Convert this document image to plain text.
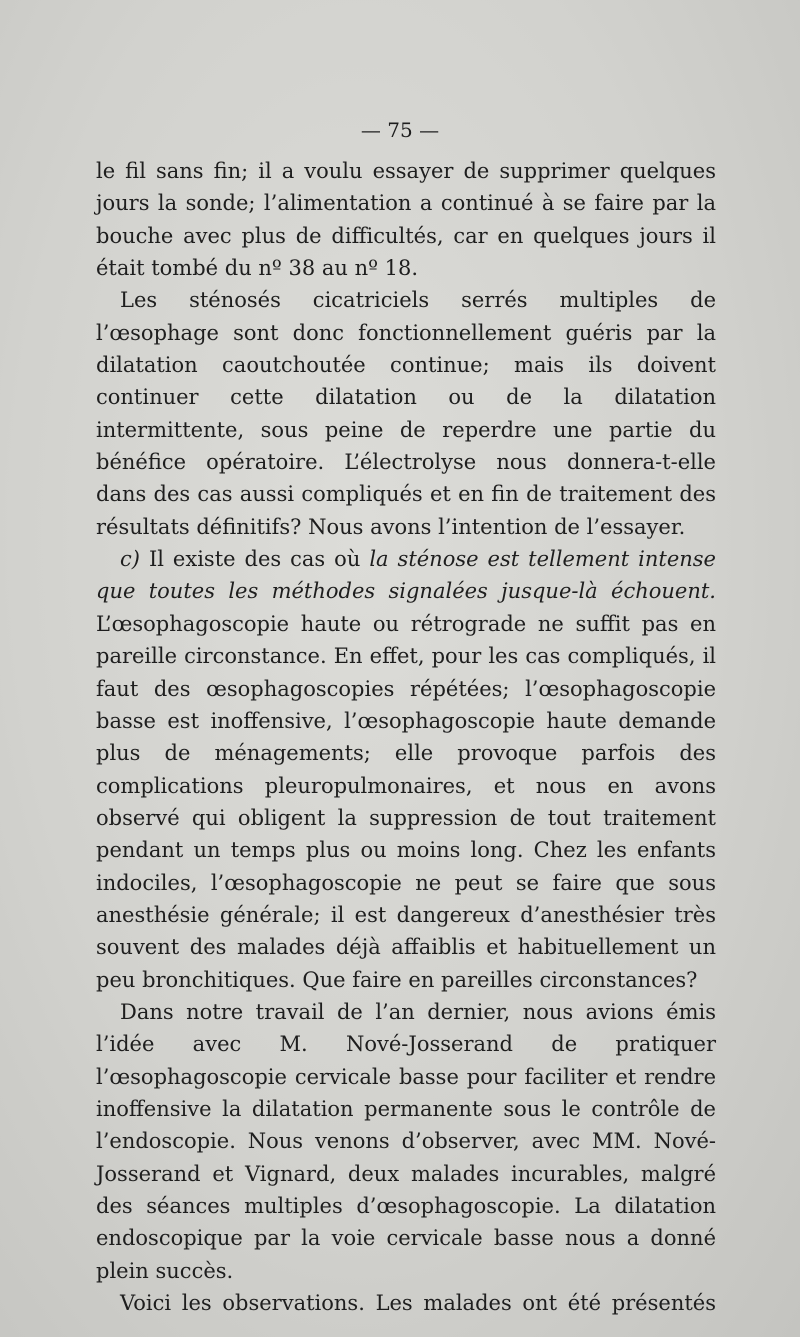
— 75 —

le fil sans fin; il a voulu essayer de supprimer quelques jours la sonde; l’alimentation a continué à se faire par la bouche avec plus de difficultés, car en quelques jours il était tombé du nº 38 au nº 18.

Les sténosés cicatriciels serrés multiples de l’œsophage sont donc fonctionnellement guéris par la dilatation caoutchoutée continue; mais ils doivent continuer cette dilatation ou de la dilatation intermittente, sous peine de reperdre une partie du bénéfice opératoire. L’électrolyse nous donnera-t-elle dans des cas aussi compliqués et en fin de traitement des résultats définitifs? Nous avons l’intention de l’essayer.

c) Il existe des cas où la sténose est tellement intense que toutes les méthodes signalées jusque-là échouent. L’œsophagoscopie haute ou rétrograde ne suffit pas en pareille circonstance. En effet, pour les cas compliqués, il faut des œsophagoscopies répétées; l’œsophagoscopie basse est inoffensive, l’œsophagoscopie haute demande plus de ménagements; elle provoque parfois des complications pleuropulmonaires, et nous en avons observé qui obligent la suppression de tout traitement pendant un temps plus ou moins long. Chez les enfants indociles, l’œsophagoscopie ne peut se faire que sous anesthésie générale; il est dangereux d’anesthésier très souvent des malades déjà affaiblis et habituellement un peu bronchitiques. Que faire en pareilles circonstances?

Dans notre travail de l’an dernier, nous avions émis l’idée avec M. Nové-Josserand de pratiquer l’œsophagoscopie cervicale basse pour faciliter et rendre inoffensive la dilatation permanente sous le contrôle de l’endoscopie. Nous venons d’observer, avec MM. Nové-Josserand et Vignard, deux malades incurables, malgré des séances multiples d’œsophagoscopie. La dilatation endoscopique par la voie cervicale basse nous a donné plein succès.

Voici les observations. Les malades ont été présentés
